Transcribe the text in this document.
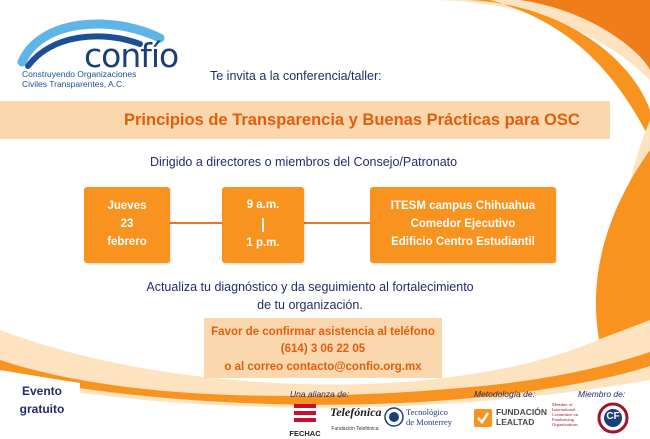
confío
Construyendo Organizaciones
Civiles Transparentes, A.C.
Te invita a la conferencia/taller:
Principios de Transparencia y Buenas Prácticas para OSC
Dirigido a directores o miembros del Consejo/Patronato
Jueves
23
febrero
9 a.m.
1 p.m.
ITESM campus Chihuahua
Comedor Ejecutivo
Edificio Centro Estudiantil
Actualiza tu diagnóstico y da seguimiento al fortalecimiento de tu organización.
Favor de confirmar asistencia al teléfono
(614) 3 06 22 05
o al correo contacto@confio.org.mx
Evento
gratuito
Una alianza de:
FECHAC
Telefónica
Fundación Telefónica
Tecnológico
de Monterrey
Metodología de:
FUNDACIÓN
LEALTAD
Miembro de:
Member of
International
Committee on
Fundraising
Organizations
CF
